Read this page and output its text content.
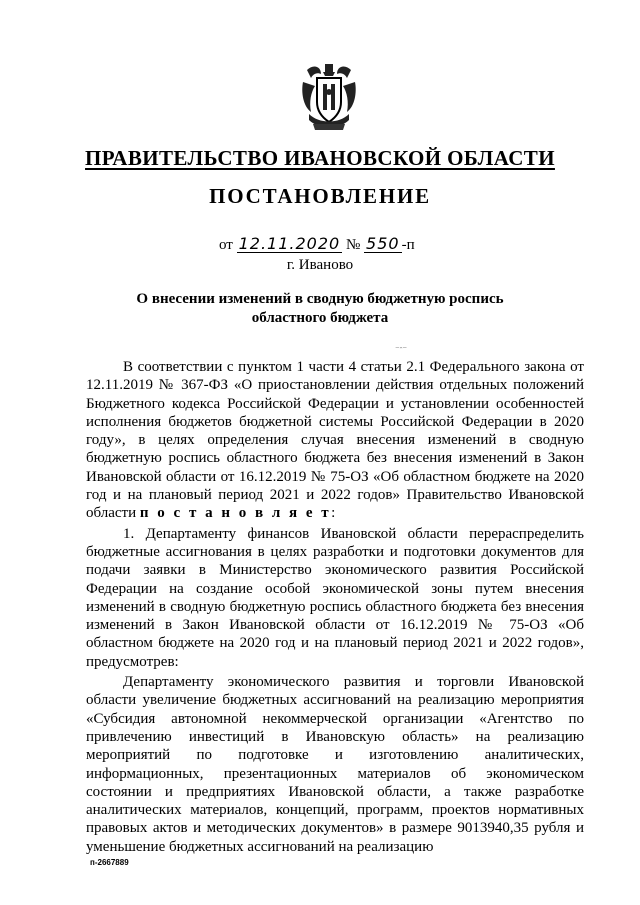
ПРАВИТЕЛЬСТВО ИВАНОВСКОЙ ОБЛАСТИ
ПОСТАНОВЛЕНИЕ
от 12.11.2020 № 550 -п
г. Иваново
О внесении изменений в сводную бюджетную роспись
областного бюджета
⁻ᵔ⁻

В соответствии с пунктом 1 части 4 статьи 2.1 Федерального закона от 12.11.2019 № 367-ФЗ «О приостановлении действия отдельных положений Бюджетного кодекса Российской Федерации и установлении особенностей исполнения бюджетов бюджетной системы Российской Федерации в 2020 году», в целях определения случая внесения изменений в сводную бюджетную роспись областного бюджета без внесения изменений в Закон Ивановской области от 16.12.2019 № 75-ОЗ «Об областном бюджете на 2020 год и на плановый период 2021 и 2022 годов» Правительство Ивановской области п о с т а н о в л я е т:

1. Департаменту финансов Ивановской области перераспределить бюджетные ассигнования в целях разработки и подготовки документов для подачи заявки в Министерство экономического развития Российской Федерации на создание особой экономической зоны путем внесения изменений в сводную бюджетную роспись областного бюджета без внесения изменений в Закон Ивановской области от 16.12.2019 № 75-ОЗ «Об областном бюджете на 2020 год и на плановый период 2021 и 2022 годов», предусмотрев:

Департаменту экономического развития и торговли Ивановской области увеличение бюджетных ассигнований на реализацию мероприятия «Субсидия автономной некоммерческой организации «Агентство по привлечению инвестиций в Ивановскую область» на реализацию мероприятий по подготовке и изготовлению аналитических, информационных, презентационных материалов об экономическом состоянии и предприятиях Ивановской области, а также разработке аналитических материалов, концепций, программ, проектов нормативных правовых актов и методических документов» в размере 9013940,35 рубля и уменьшение бюджетных ассигнований на реализацию

п-2667889
